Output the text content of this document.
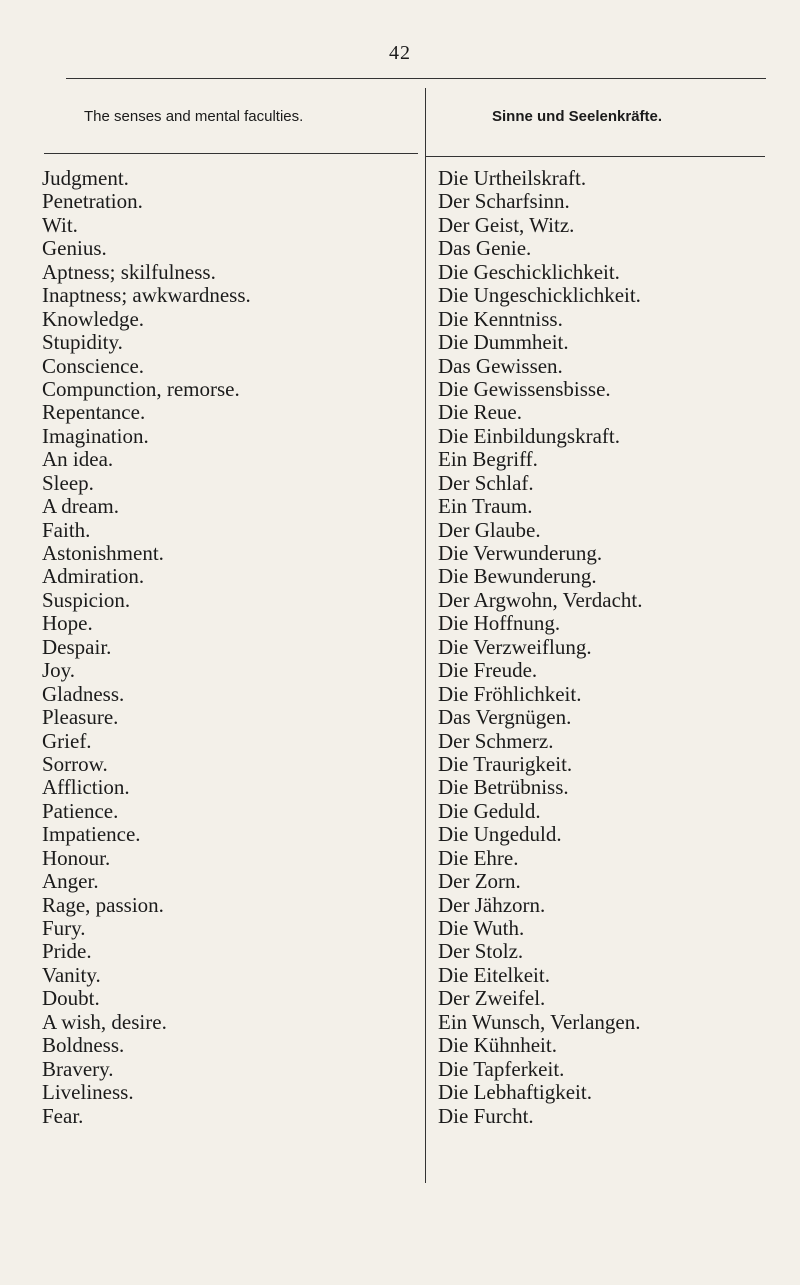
42
The senses and mental faculties.	Sinne und Seelenkräfte.
Judgment.
Penetration.
Wit.
Genius.
Aptness; skilfulness.
Inaptness; awkwardness.
Knowledge.
Stupidity.
Conscience.
Compunction, remorse.
Repentance.
Imagination.
An idea.
Sleep.
A dream.
Faith.
Astonishment.
Admiration.
Suspicion.
Hope.
Despair.
Joy.
Gladness.
Pleasure.
Grief.
Sorrow.
Affliction.
Patience.
Impatience.
Honour.
Anger.
Rage, passion.
Fury.
Pride.
Vanity.
Doubt.
A wish, desire.
Boldness.
Bravery.
Liveliness.
Fear.
Die Urtheilskraft.
Der Scharfsinn.
Der Geist, Witz.
Das Genie.
Die Geschicklichkeit.
Die Ungeschicklichkeit.
Die Kenntniss.
Die Dummheit.
Das Gewissen.
Die Gewissensbisse.
Die Reue.
Die Einbildungskraft.
Ein Begriff.
Der Schlaf.
Ein Traum.
Der Glaube.
Die Verwunderung.
Die Bewunderung.
Der Argwohn, Verdacht.
Die Hoffnung.
Die Verzweiflung.
Die Freude.
Die Fröhlichkeit.
Das Vergnügen.
Der Schmerz.
Die Traurigkeit.
Die Betrübniss.
Die Geduld.
Die Ungeduld.
Die Ehre.
Der Zorn.
Der Jähzorn.
Die Wuth.
Der Stolz.
Die Eitelkeit.
Der Zweifel.
Ein Wunsch, Verlangen.
Die Kühnheit.
Die Tapferkeit.
Die Lebhaftigkeit.
Die Furcht.
